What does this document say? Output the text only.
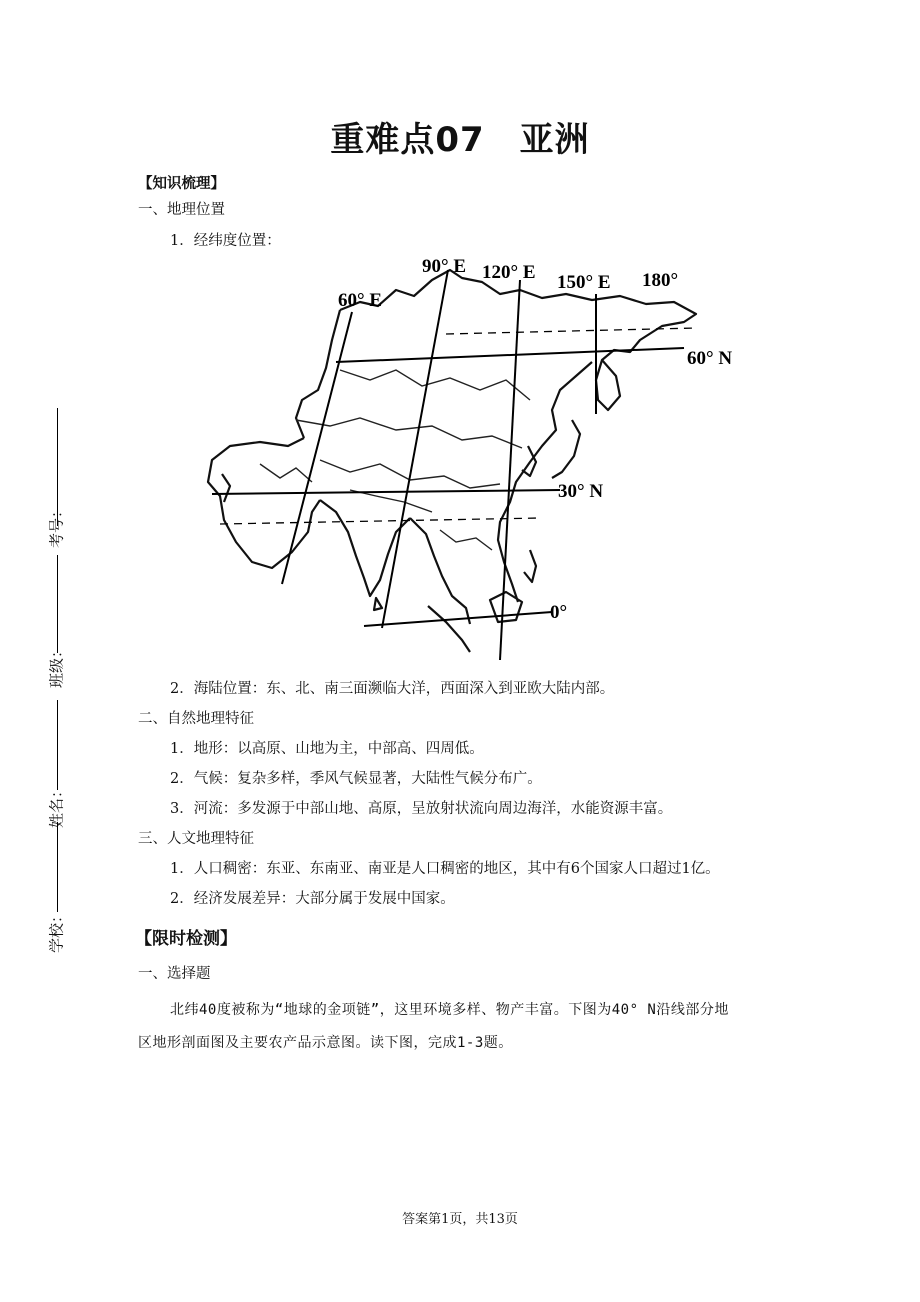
考号：
班级：
姓名：
学校：
重难点07　亚洲
【知识梳理】
一、地理位置
1．经纬度位置：
60° E
90° E 120° E 150° E 180°
60° N
30° N
0°
2．海陆位置：东、北、南三面濒临大洋，西面深入到亚欧大陆内部。
二、自然地理特征
1．地形：以高原、山地为主，中部高、四周低。
2．气候：复杂多样，季风气候显著，大陆性气候分布广。
3．河流：多发源于中部山地、高原，呈放射状流向周边海洋，水能资源丰富。
三、人文地理特征
1．人口稠密：东亚、东南亚、南亚是人口稠密的地区，其中有6个国家人口超过1亿。
2．经济发展差异：大部分属于发展中国家。
【限时检测】
一、选择题
北纬40度被称为“地球的金项链”，这里环境多样、物产丰富。下图为40° N沿线部分地
区地形剖面图及主要农产品示意图。读下图，完成1-3题。
答案第1页，共13页
